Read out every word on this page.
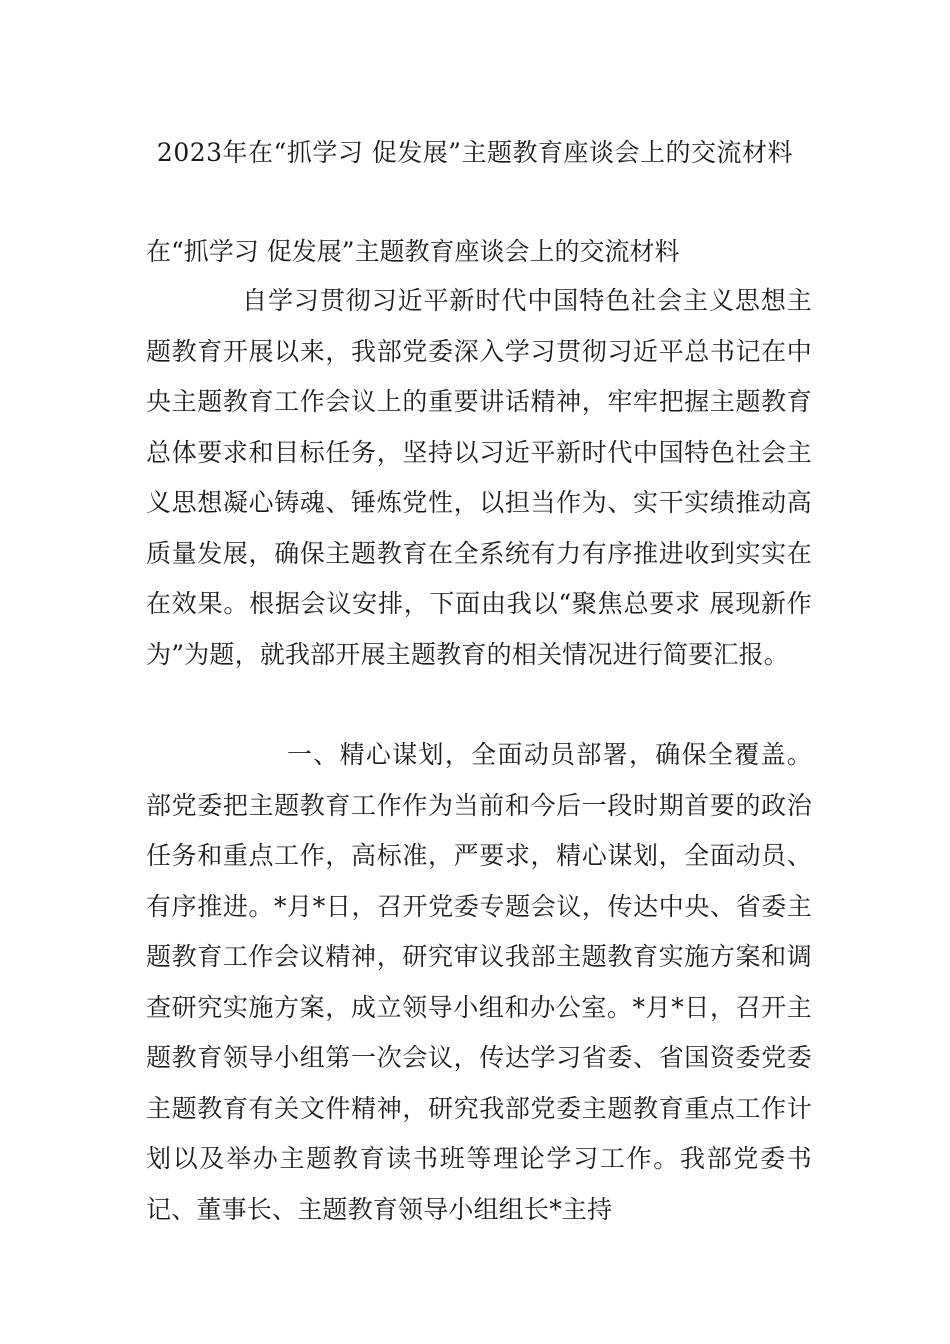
2023年在“抓学习 促发展”主题教育座谈会上的交流材料

在“抓学习 促发展”主题教育座谈会上的交流材料

自学习贯彻习近平新时代中国特色社会主义思想主题教育开展以来，我部党委深入学习贯彻习近平总书记在中央主题教育工作会议上的重要讲话精神，牢牢把握主题教育总体要求和目标任务，坚持以习近平新时代中国特色社会主义思想凝心铸魂、锤炼党性，以担当作为、实干实绩推动高质量发展，确保主题教育在全系统有力有序推进收到实实在在效果。根据会议安排，下面由我以“聚焦总要求 展现新作为”为题，就我部开展主题教育的相关情况进行简要汇报。

一、精心谋划，全面动员部署，确保全覆盖。部党委把主题教育工作作为当前和今后一段时期首要的政治任务和重点工作，高标准，严要求，精心谋划，全面动员、有序推进。*月*日，召开党委专题会议，传达中央、省委主题教育工作会议精神，研究审议我部主题教育实施方案和调查研究实施方案，成立领导小组和办公室。*月*日，召开主题教育领导小组第一次会议，传达学习省委、省国资委党委主题教育有关文件精神，研究我部党委主题教育重点工作计划以及举办主题教育读书班等理论学习工作。我部党委书记、董事长、主题教育领导小组组长*主持
